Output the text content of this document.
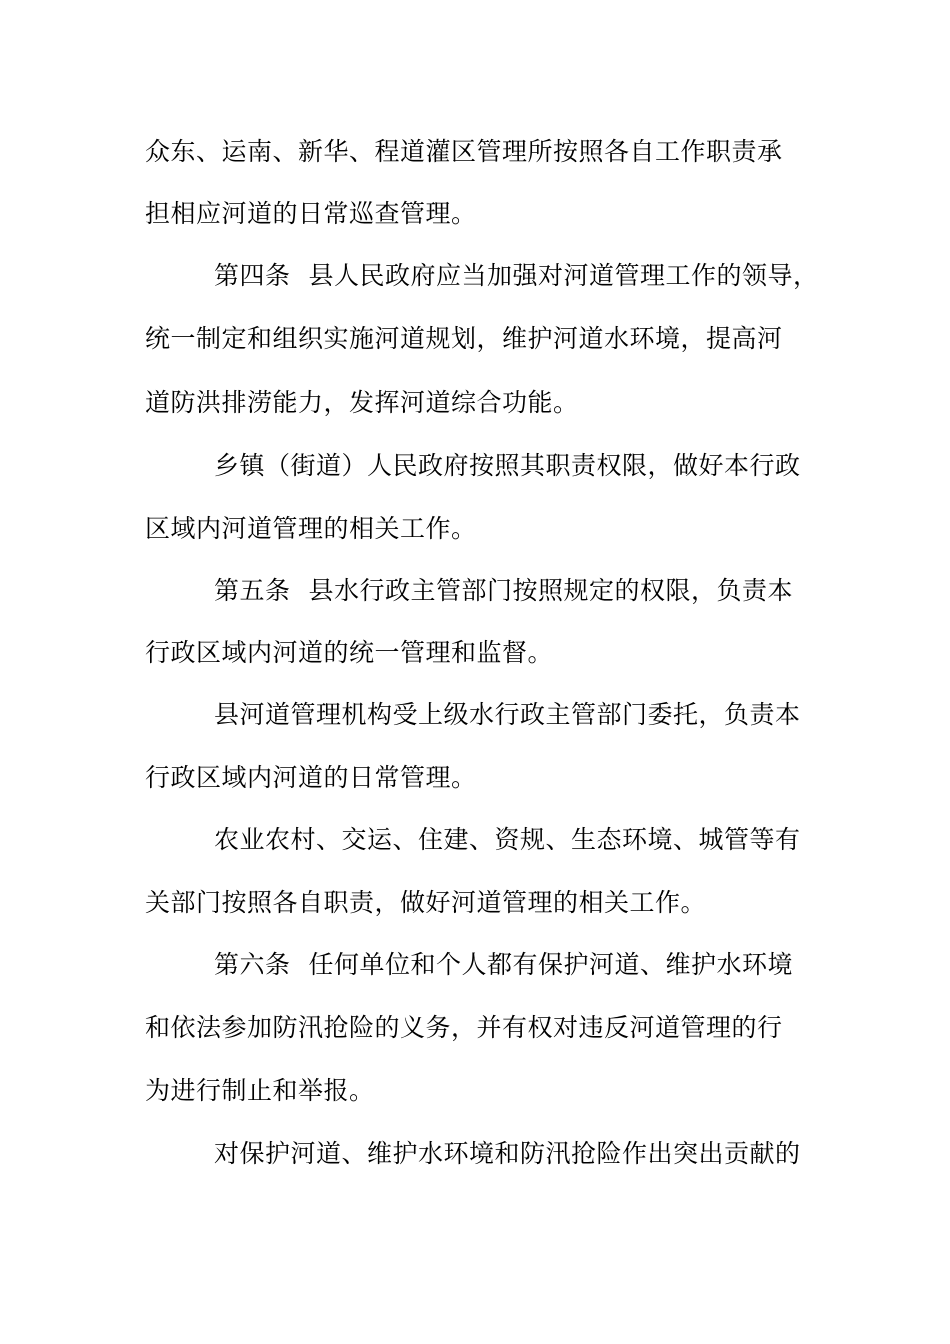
众东、运南、新华、程道灌区管理所按照各自工作职责承
担相应河道的日常巡查管理。
第四条 县人民政府应当加强对河道管理工作的领导，
统一制定和组织实施河道规划，维护河道水环境，提高河
道防洪排涝能力，发挥河道综合功能。
乡镇（街道）人民政府按照其职责权限，做好本行政
区域内河道管理的相关工作。
第五条 县水行政主管部门按照规定的权限，负责本
行政区域内河道的统一管理和监督。
县河道管理机构受上级水行政主管部门委托，负责本
行政区域内河道的日常管理。
农业农村、交运、住建、资规、生态环境、城管等有
关部门按照各自职责，做好河道管理的相关工作。
第六条 任何单位和个人都有保护河道、维护水环境
和依法参加防汛抢险的义务，并有权对违反河道管理的行
为进行制止和举报。
对保护河道、维护水环境和防汛抢险作出突出贡献的
